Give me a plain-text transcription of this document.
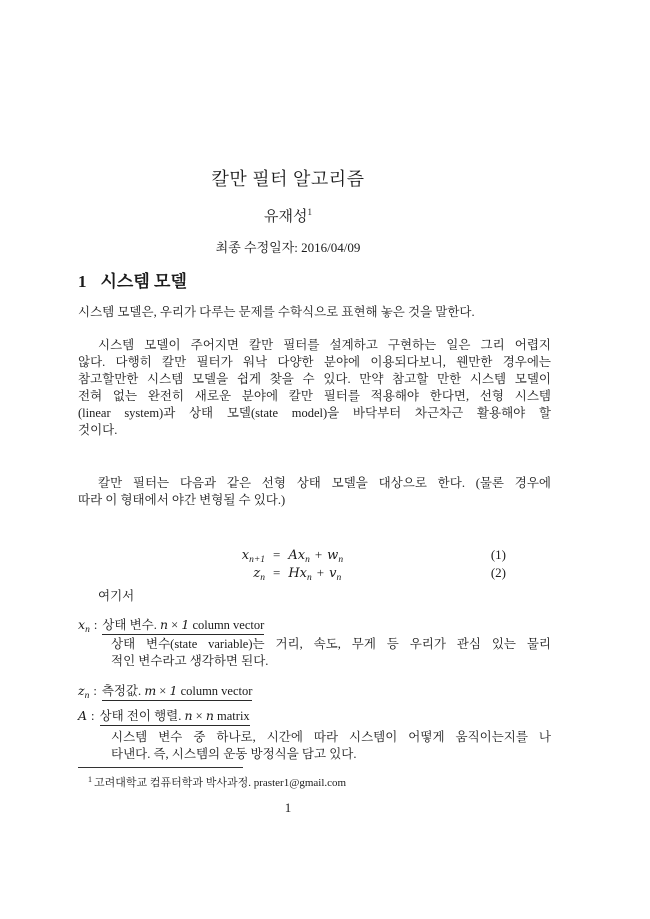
칼만 필터 알고리즘
유재성$^1$
최종 수정일자: 2016/04/09
1 시스템 모델
시스템 모델은, 우리가 다루는 문제를 수학식으로 표현해 놓은 것을 말한다.
시스템 모델이 주어지면 칼만 필터를 설계하고 구현하는 일은 그리 어렵지
않다. 다행히 칼만 필터가 워낙 다양한 분야에 이용되다보니, 웬만한 경우에는
참고할만한 시스템 모델을 쉽게 찾을 수 있다. 만약 참고할 만한 시스템 모델이
전혀 없는 완전히 새로운 분야에 칼만 필터를 적용해야 한다면, 선형 시스템
(linear system)과 상태 모델(state model)을 바닥부터 차근차근 활용해야 할
것이다.
칼만 필터는 다음과 같은 선형 상태 모델을 대상으로 한다. (물론 경우에
따라 이 형태에서 야간 변형될 수 있다.)
$x_{n+1} = Ax_n + w_n$	(1)
$z_n = Hx_n + v_n$	(2)
여기서
$x_n$ : 상태 변수. n × 1 column vector
상태 변수(state variable)는 거리, 속도, 무게 등 우리가 관심 있는 물리
적인 변수라고 생각하면 된다.
$z_n$ : 측정값. m × 1 column vector
A : 상태 전이 행렬. n × n matrix
시스템 변수 중 하나로, 시간에 따라 시스템이 어떻게 움직이는지를 나
타낸다. 즉, 시스템의 운동 방정식을 담고 있다.
$^1$ 고려대학교 컴퓨터학과 박사과정. praster1@gmail.com
1
